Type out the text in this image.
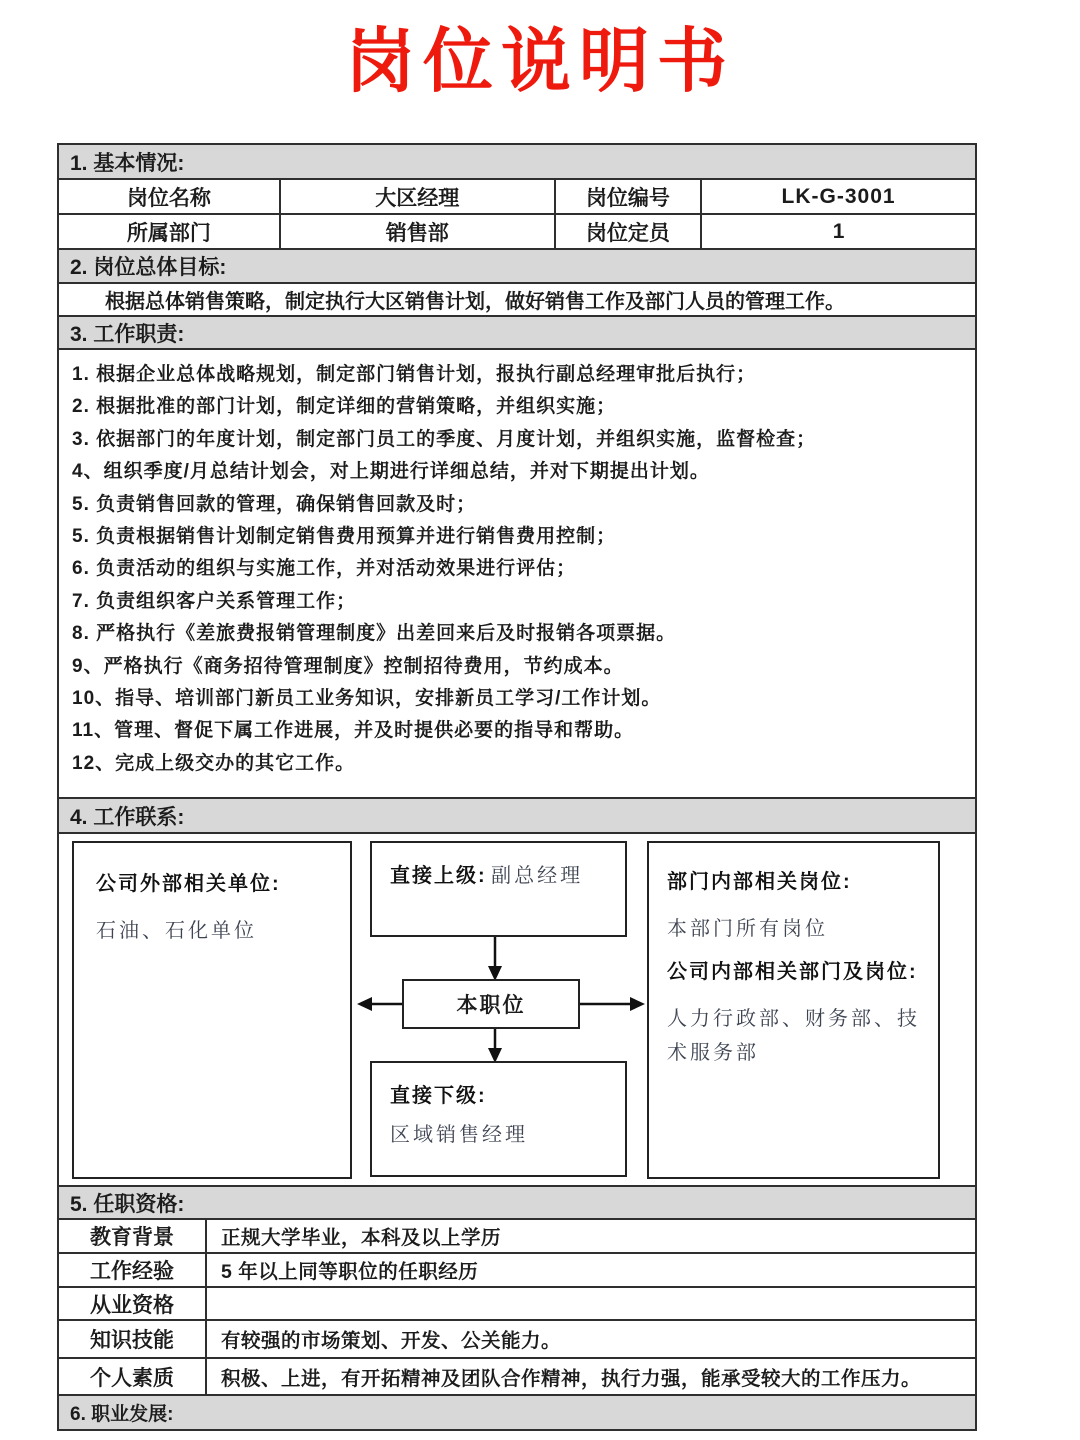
岗位说明书
1. 基本情况:
岗位名称	大区经理	岗位编号	LK-G-3001
所属部门	销售部	岗位定员	1
2. 岗位总体目标:
根据总体销售策略，制定执行大区销售计划，做好销售工作及部门人员的管理工作。
3. 工作职责:
1. 根据企业总体战略规划，制定部门销售计划，报执行副总经理审批后执行；
2. 根据批准的部门计划，制定详细的营销策略，并组织实施；
3. 依据部门的年度计划，制定部门员工的季度、月度计划，并组织实施，监督检查；
4、组织季度/月总结计划会，对上期进行详细总结，并对下期提出计划。
5. 负责销售回款的管理，确保销售回款及时；
5. 负责根据销售计划制定销售费用预算并进行销售费用控制；
6. 负责活动的组织与实施工作，并对活动效果进行评估；
7. 负责组织客户关系管理工作；
8. 严格执行《差旅费报销管理制度》出差回来后及时报销各项票据。
9、严格执行《商务招待管理制度》控制招待费用，节约成本。
10、指导、培训部门新员工业务知识，安排新员工学习/工作计划。
11、管理、督促下属工作进展，并及时提供必要的指导和帮助。
12、完成上级交办的其它工作。
4. 工作联系:
公司外部相关单位:
石油、石化单位
直接上级: 副总经理
本职位
直接下级:
区域销售经理
部门内部相关岗位:
本部门所有岗位
公司内部相关部门及岗位:
人力行政部、财务部、技术服务部
5. 任职资格:
教育背景	正规大学毕业，本科及以上学历
工作经验	5 年以上同等职位的任职经历
从业资格
知识技能	有较强的市场策划、开发、公关能力。
个人素质	积极、上进，有开拓精神及团队合作精神，执行力强，能承受较大的工作压力。
6. 职业发展:
